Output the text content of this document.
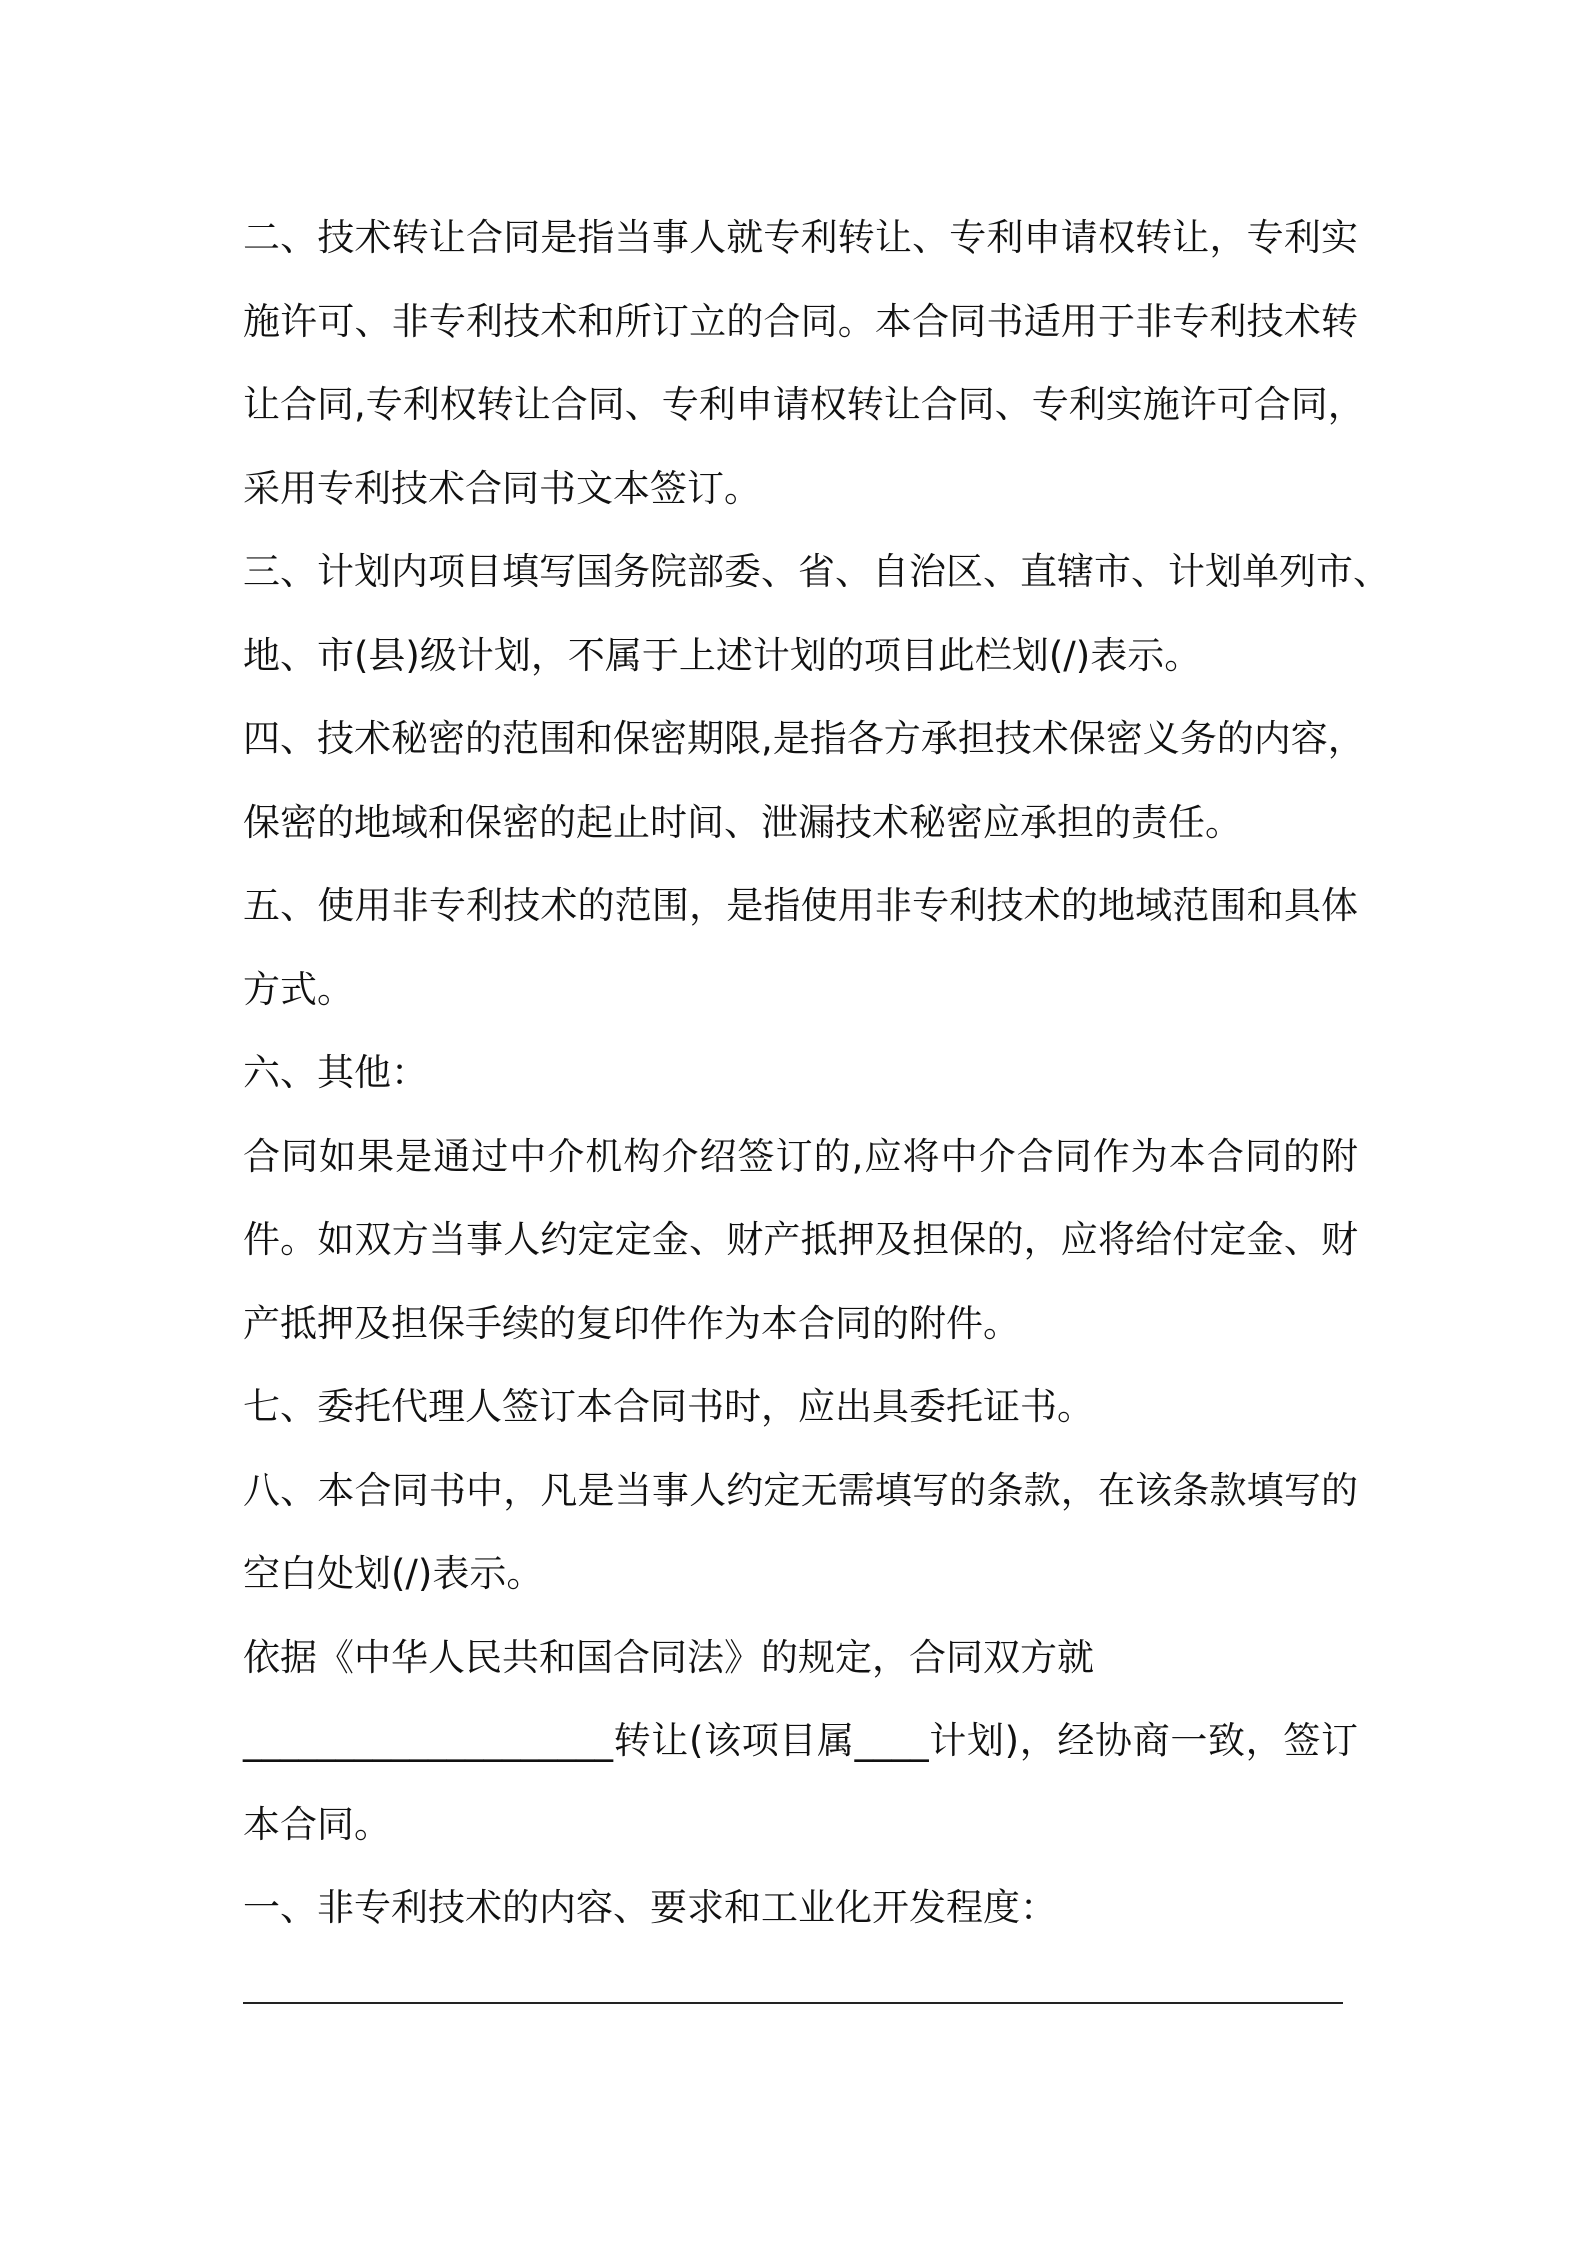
二、技术转让合同是指当事人就专利转让、专利申请权转让，专利实
施许可、非专利技术和所订立的合同。本合同书适用于非专利技术转
让合同,专利权转让合同、专利申请权转让合同、专利实施许可合同，
采用专利技术合同书文本签订。
三、计划内项目填写国务院部委、省、自治区、直辖市、计划单列市、
地、市(县)级计划，不属于上述计划的项目此栏划(/)表示。
四、技术秘密的范围和保密期限,是指各方承担技术保密义务的内容，
保密的地域和保密的起止时间、泄漏技术秘密应承担的责任。
五、使用非专利技术的范围，是指使用非专利技术的地域范围和具体
方式。
六、其他：
合同如果是通过中介机构介绍签订的,应将中介合同作为本合同的附
件。如双方当事人约定定金、财产抵押及担保的，应将给付定金、财
产抵押及担保手续的复印件作为本合同的附件。
七、委托代理人签订本合同书时，应出具委托证书。
八、本合同书中，凡是当事人约定无需填写的条款，在该条款填写的
空白处划(/)表示。
依据《中华人民共和国合同法》的规定，合同双方就
____________________转让(该项目属____计划)，经协商一致，签订
本合同。
一、非专利技术的内容、要求和工业化开发程度：
